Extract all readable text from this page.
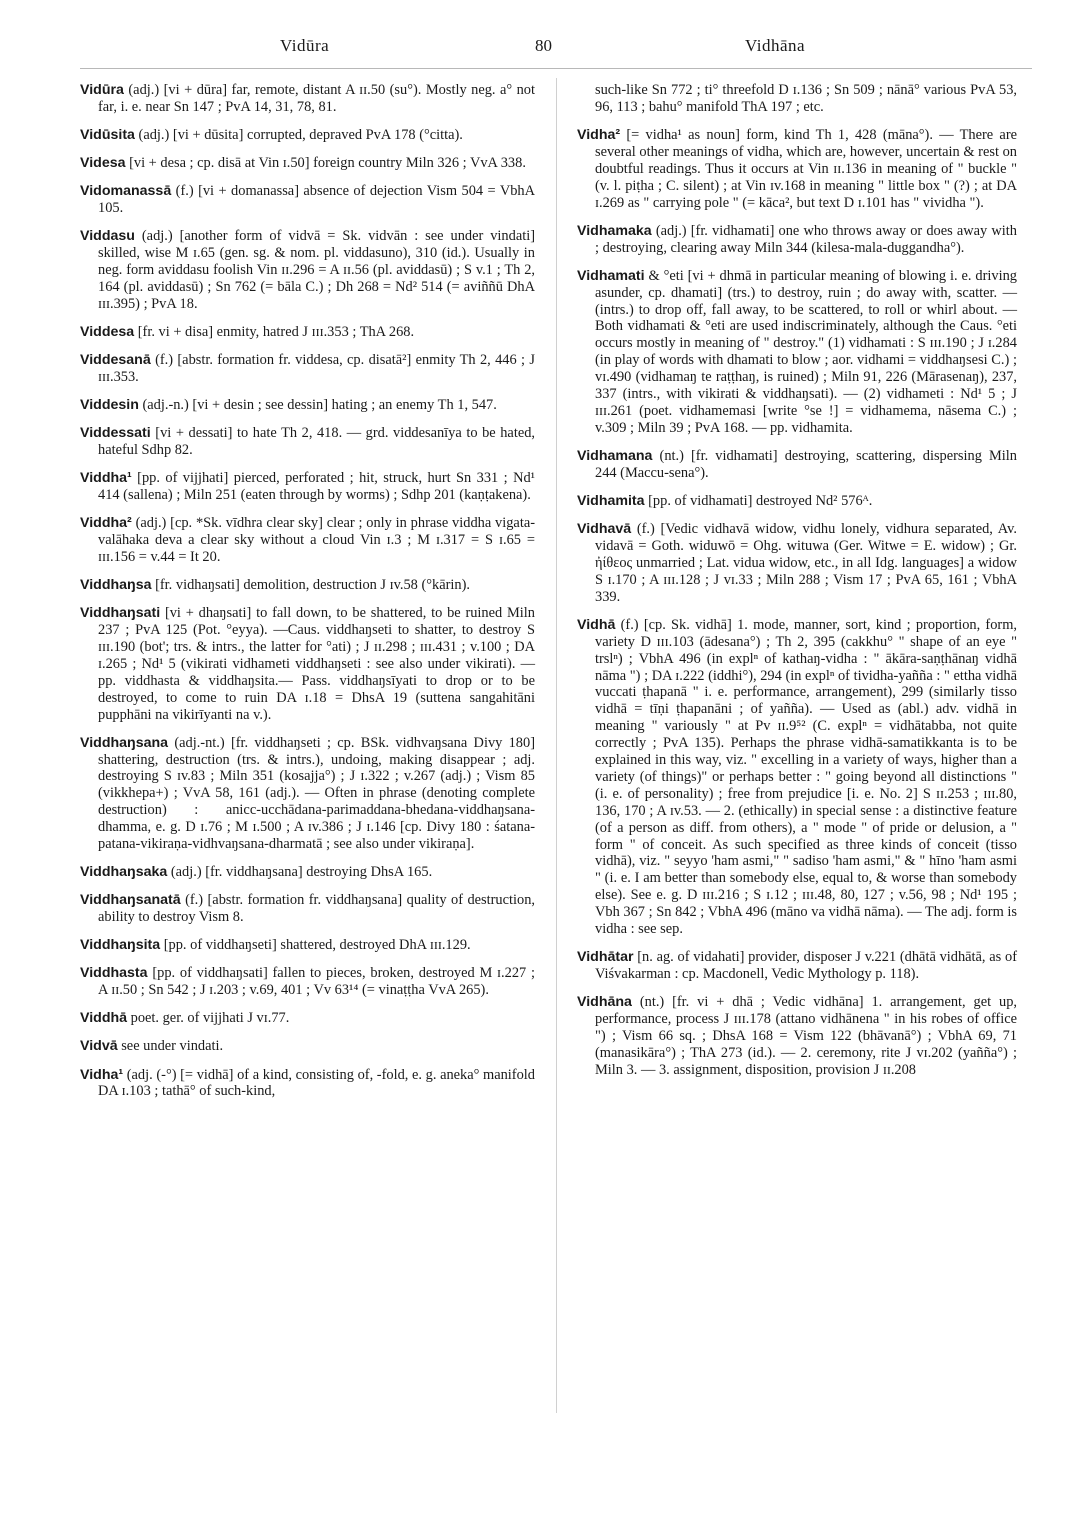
Vidūra	80	Vidhāna

Vidūra (adj.) [vi + dūra] far, remote, distant A ɪɪ.50 (su°). Mostly neg. a° not far, i. e. near Sn 147 ; PvA 14, 31, 78, 81.

Vidūsita (adj.) [vi + dūsita] corrupted, depraved PvA 178 (°citta).

Videsa [vi + desa ; cp. disā at Vin ɪ.50] foreign country Miln 326 ; VvA 338.

Vidomanassā (f.) [vi + domanassa] absence of dejection Vism 504 = VbhA 105.

Viddasu (adj.) [another form of vidvā = Sk. vidvān : see under vindati] skilled, wise M ɪ.65 (gen. sg. & nom. pl. viddasuno), 310 (id.). Usually in neg. form aviddasu foolish Vin ɪɪ.296 = A ɪɪ.56 (pl. aviddasū) ; S v.1 ; Th 2, 164 (pl. aviddasū) ; Sn 762 (= bāla C.) ; Dh 268 = Nd² 514 (= aviññū DhA ɪɪɪ.395) ; PvA 18.

Viddesa [fr. vi + disa] enmity, hatred J ɪɪɪ.353 ; ThA 268.

Viddesanā (f.) [abstr. formation fr. viddesa, cp. disatā²] enmity Th 2, 446 ; J ɪɪɪ.353.

Viddesin (adj.-n.) [vi + desin ; see dessin] hating ; an enemy Th 1, 547.

Viddessati [vi + dessati] to hate Th 2, 418. — grd. viddesanīya to be hated, hateful Sdhp 82.

Viddha¹ [pp. of vijjhati] pierced, perforated ; hit, struck, hurt Sn 331 ; Nd¹ 414 (sallena) ; Miln 251 (eaten through by worms) ; Sdhp 201 (kaṇṭakena).

Viddha² (adj.) [cp. *Sk. vīdhra clear sky] clear ; only in phrase viddha vigata-valāhaka deva a clear sky without a cloud Vin ɪ.3 ; M ɪ.317 = S ɪ.65 = ɪɪɪ.156 = v.44 = It 20.

Viddhaŋsa [fr. vidhaŋsati] demolition, destruction J ɪv.58 (°kārin).

Viddhaŋsati [vi + dhaŋsati] to fall down, to be shattered, to be ruined Miln 237 ; PvA 125 (Pot. °eyya). —Caus. viddhaŋseti to shatter, to destroy S ɪɪɪ.190 (bot'; trs. & intrs., the latter for °ati) ; J ɪɪ.298 ; ɪɪɪ.431 ; v.100 ; DA ɪ.265 ; Nd¹ 5 (vikirati vidhameti viddhaŋseti : see also under vikirati). — pp. viddhasta & viddhaŋsita.— Pass. viddhaŋsīyati to drop or to be destroyed, to come to ruin DA ɪ.18 = DhsA 19 (suttena sangahitāni pupphāni na vikirīyanti na v.).

Viddhaŋsana (adj.-nt.) [fr. viddhaŋseti ; cp. BSk. vidhvaŋsana Divy 180] shattering, destruction (trs. & intrs.), undoing, making disappear ; adj. destroying S ɪv.83 ; Miln 351 (kosajja°) ; J ɪ.322 ; v.267 (adj.) ; Vism 85 (vikkhepa+) ; VvA 58, 161 (adj.). — Often in phrase (denoting complete destruction) : anicc-ucchādana-parimaddana-bhedana-viddhaŋsana-dhamma, e. g. D ɪ.76 ; M ɪ.500 ; A ɪv.386 ; J ɪ.146 [cp. Divy 180 : śatana-patana-vikiraṇa-vidhvaŋsana-dharmatā ; see also under vikiraṇa].

Viddhaŋsaka (adj.) [fr. viddhaŋsana] destroying DhsA 165.

Viddhaŋsanatā (f.) [abstr. formation fr. viddhaŋsana] quality of destruction, ability to destroy Vism 8.

Viddhaŋsita [pp. of viddhaŋseti] shattered, destroyed DhA ɪɪɪ.129.

Viddhasta [pp. of viddhaŋsati] fallen to pieces, broken, destroyed M ɪ.227 ; A ɪɪ.50 ; Sn 542 ; J ɪ.203 ; v.69, 401 ; Vv 63¹⁴ (= vinaṭṭha VvA 265).

Viddhā poet. ger. of vijjhati J vɪ.77.

Vidvā see under vindati.

Vidha¹ (adj. (-°) [= vidhā] of a kind, consisting of, -fold, e. g. aneka° manifold DA ɪ.103 ; tathā° of such-kind,

such-like Sn 772 ; ti° threefold D ɪ.136 ; Sn 509 ; nānā° various PvA 53, 96, 113 ; bahu° manifold ThA 197 ; etc.

Vidha² [= vidha¹ as noun] form, kind Th 1, 428 (māna°). — There are several other meanings of vidha, which are, however, uncertain & rest on doubtful readings. Thus it occurs at Vin ɪɪ.136 in meaning of " buckle " (v. l. piṭha ; C. silent) ; at Vin ɪv.168 in meaning " little box " (?) ; at DA ɪ.269 as " carrying pole " (= kāca², but text D ɪ.101 has " vividha ").

Vidhamaka (adj.) [fr. vidhamati] one who throws away or does away with ; destroying, clearing away Miln 344 (kilesa-mala-duggandha°).

Vidhamati & °eti [vi + dhmā in particular meaning of blowing i. e. driving asunder, cp. dhamati] (trs.) to destroy, ruin ; do away with, scatter. — (intrs.) to drop off, fall away, to be scattered, to roll or whirl about. — Both vidhamati & °eti are used indiscriminately, although the Caus. °eti occurs mostly in meaning of " destroy." (1) vidhamati : S ɪɪɪ.190 ; J ɪ.284 (in play of words with dhamati to blow ; aor. vidhami = viddhaŋsesi C.) ; vɪ.490 (vidhamaŋ te raṭṭhaŋ, is ruined) ; Miln 91, 226 (Mārasenaŋ), 237, 337 (intrs., with vikirati & viddhaŋsati). — (2) vidhameti : Nd¹ 5 ; J ɪɪɪ.261 (poet. vidhamemasi [write °se !] = vidhamema, nāsema C.) ; v.309 ; Miln 39 ; PvA 168. — pp. vidhamita.

Vidhamana (nt.) [fr. vidhamati] destroying, scattering, dispersing Miln 244 (Maccu-sena°).

Vidhamita [pp. of vidhamati] destroyed Nd² 576ᴬ.

Vidhavā (f.) [Vedic vidhavā widow, vidhu lonely, vidhura separated, Av. vidavā = Goth. widuwō = Ohg. wituwa (Ger. Witwe = E. widow) ; Gr. ἠίθεος unmarried ; Lat. vidua widow, etc., in all Idg. languages] a widow S ɪ.170 ; A ɪɪɪ.128 ; J vɪ.33 ; Miln 288 ; Vism 17 ; PvA 65, 161 ; VbhA 339.

Vidhā (f.) [cp. Sk. vidhā] 1. mode, manner, sort, kind ; proportion, form, variety D ɪɪɪ.103 (ādesana°) ; Th 2, 395 (cakkhu° " shape of an eye " trslⁿ) ; VbhA 496 (in explⁿ of kathaŋ-vidha : " ākāra-saṇṭhānaŋ vidhā nāma ") ; DA ɪ.222 (iddhi°), 294 (in explⁿ of tividha-yañña : " ettha vidhā vuccati ṭhapanā " i. e. performance, arrangement), 299 (similarly tisso vidhā = tīṇi ṭhapanāni ; of yañña). — Used as (abl.) adv. vidhā in meaning " variously " at Pv ɪɪ.9⁵² (C. explⁿ = vidhātabba, not quite correctly ; PvA 135). Perhaps the phrase vidhā-samatikkanta is to be explained in this way, viz. " excelling in a variety of ways, higher than a variety (of things)" or perhaps better : " going beyond all distinctions " (i. e. of personality) ; free from prejudice [i. e. No. 2] S ɪɪ.253 ; ɪɪɪ.80, 136, 170 ; A ɪv.53. — 2. (ethically) in special sense : a distinctive feature (of a person as diff. from others), a " mode " of pride or delusion, a " form " of conceit. As such specified as three kinds of conceit (tisso vidhā), viz. " seyyo 'ham asmi," " sadiso 'ham asmi," & " hīno 'ham asmi " (i. e. I am better than somebody else, equal to, & worse than somebody else). See e. g. D ɪɪɪ.216 ; S ɪ.12 ; ɪɪɪ.48, 80, 127 ; v.56, 98 ; Nd¹ 195 ; Vbh 367 ; Sn 842 ; VbhA 496 (māno va vidhā nāma). — The adj. form is vidha : see sep.

Vidhātar [n. ag. of vidahati] provider, disposer J v.221 (dhātā vidhātā, as of Viśvakarman : cp. Macdonell, Vedic Mythology p. 118).

Vidhāna (nt.) [fr. vi + dhā ; Vedic vidhāna] 1. arrangement, get up, performance, process J ɪɪɪ.178 (attano vidhānena " in his robes of office ") ; Vism 66 sq. ; DhsA 168 = Vism 122 (bhāvanā°) ; VbhA 69, 71 (manasikāra°) ; ThA 273 (id.). — 2. ceremony, rite J vɪ.202 (yañña°) ; Miln 3. — 3. assignment, disposition, provision J ɪɪ.208
